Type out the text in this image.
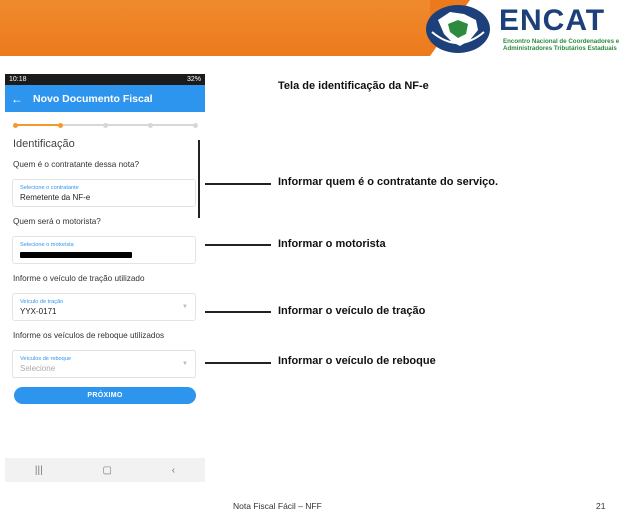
ENCAT
Encontro Nacional de Coordenadores e
Administradores Tributários Estaduais
10:18	32%
← Novo Documento Fiscal
Identificação
Quem é o contratante dessa nota?
Selecione o contratante
Remetente da NF-e
Quem será o motorista?
Selecione o motorista
Informe o veículo de tração utilizado
Veículo de tração
YYX-0171	▼
Informe os veículos de reboque utilizados
Veículos de reboque
Selecione	▼
PRÓXIMO
|||	▢	‹
Tela de identificação da NF-e
Informar quem é o contratante do serviço.
Informar o motorista
Informar o veículo de tração
Informar o veículo de reboque
Nota Fiscal Fácil – NFF	21
